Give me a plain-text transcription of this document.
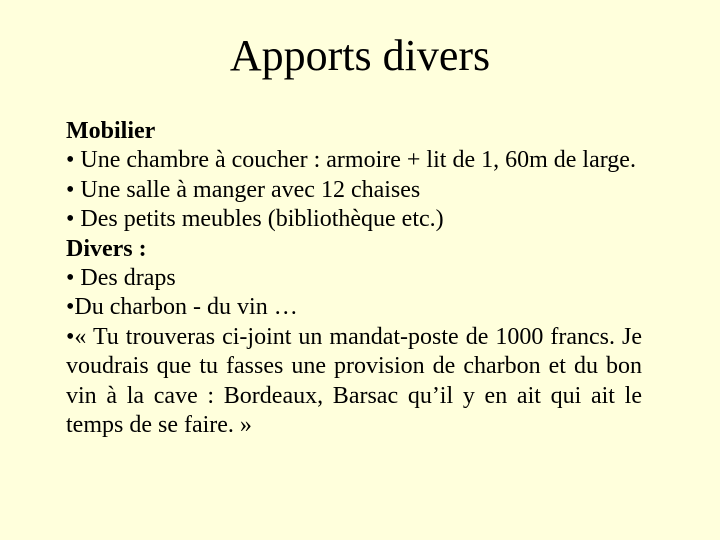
Apports divers
Mobilier
• Une chambre à coucher : armoire + lit de 1, 60m de large.
• Une salle à manger avec 12 chaises
• Des petits meubles (bibliothèque etc.)
Divers :
• Des draps
•Du charbon - du vin …
•« Tu trouveras ci-joint un mandat-poste de 1000 francs. Je voudrais que tu fasses une provision de charbon et du bon vin à la cave : Bordeaux, Barsac qu’il y en ait qui ait le temps de se faire. »
